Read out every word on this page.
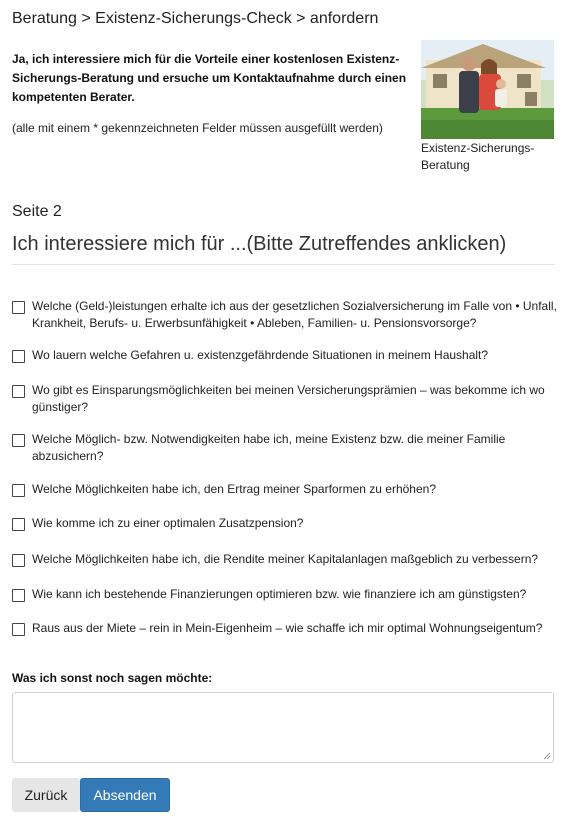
Beratung > Existenz-Sicherungs-Check > anfordern
Ja, ich interessiere mich für die Vorteile einer kostenlosen Existenz-Sicherungs-Beratung und ersuche um Kontaktaufnahme durch einen kompetenten Berater.
(alle mit einem * gekennzeichneten Felder müssen ausgefüllt werden)
Existenz-Sicherungs-Beratung
Seite 2
Ich interessiere mich für ...(Bitte Zutreffendes anklicken)
Welche (Geld-)leistungen erhalte ich aus der gesetzlichen Sozialversicherung im Falle von • Unfall, Krankheit, Berufs- u. Erwerbsunfähigkeit • Ableben, Familien- u. Pensionsvorsorge?
Wo lauern welche Gefahren u. existenzgefährdende Situationen in meinem Haushalt?
Wo gibt es Einsparungsmöglichkeiten bei meinen Versicherungsprämien – was bekomme ich wo günstiger?
Welche Möglich- bzw. Notwendigkeiten habe ich, meine Existenz bzw. die meiner Familie abzusichern?
Welche Möglichkeiten habe ich, den Ertrag meiner Sparformen zu erhöhen?
Wie komme ich zu einer optimalen Zusatzpension?
Welche Möglichkeiten habe ich, die Rendite meiner Kapitalanlagen maßgeblich zu verbessern?
Wie kann ich bestehende Finanzierungen optimieren bzw. wie finanziere ich am günstigsten?
Raus aus der Miete – rein in Mein-Eigenheim – wie schaffe ich mir optimal Wohnungseigentum?
Was ich sonst noch sagen möchte:
Zurück	Absenden
